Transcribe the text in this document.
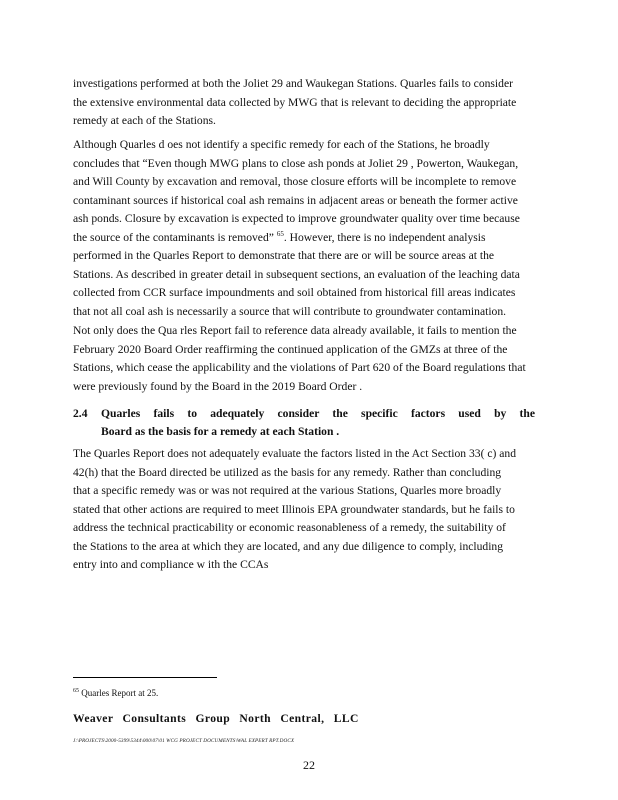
investigations performed at both the Joliet 29 and Waukegan Stations. Quarles fails to consider
the extensive environmental data collected by MWG that is relevant to deciding the appropriate
remedy at each of the Stations.

Although Quarles d oes not identify a specific remedy for each of the Stations, he broadly
concludes that “Even though MWG plans to close ash ponds at Joliet 29 , Powerton, Waukegan,
and Will County by excavation and removal, those closure efforts will be incomplete to remove
contaminant sources if historical coal ash remains in adjacent areas or beneath the former active
ash ponds. Closure by excavation is expected to improve groundwater quality over time because
the source of the contaminants is removed” $^{65}$. However, there is no independent analysis
performed in the Quarles Report to demonstrate that there are or will be source areas at the
Stations. As described in greater detail in subsequent sections, an evaluation of the leaching data
collected from CCR surface impoundments and soil obtained from historical fill areas indicates
that not all coal ash is necessarily a source that will contribute to groundwater contamination.

Not only does the Qua rles Report fail to reference data already available, it fails to mention the
February 2020 Board Order reaffirming the continued application of the GMZs at three of the
Stations, which cease the applicability and the violations of Part 620 of the Board regulations that
were previously found by the Board in the 2019 Board Order .

2.4 Quarles fails to adequately consider the specific factors used by the
Board as the basis for a remedy at each Station .

The Quarles Report does not adequately evaluate the factors listed in the Act Section 33( c) and
42(h) that the Board directed be utilized as the basis for any remedy. Rather than concluding
that a specific remedy was or was not required at the various Stations, Quarles more broadly
stated that other actions are required to meet Illinois EPA groundwater standards, but he fails to
address the technical practicability or economic reasonableness of a remedy, the suitability of
the Stations to the area at which they are located, and any due diligence to comply, including
entry into and compliance w ith the CCAs

$^{65}$ Quarles Report at 25.
Weaver Consultants Group North Central, LLC
J:\PROJECTS\2000-5399\5344\000\07\01 WCG PROJECT DOCUMENTS\WAL EXPERT RPT.DOCX
22
